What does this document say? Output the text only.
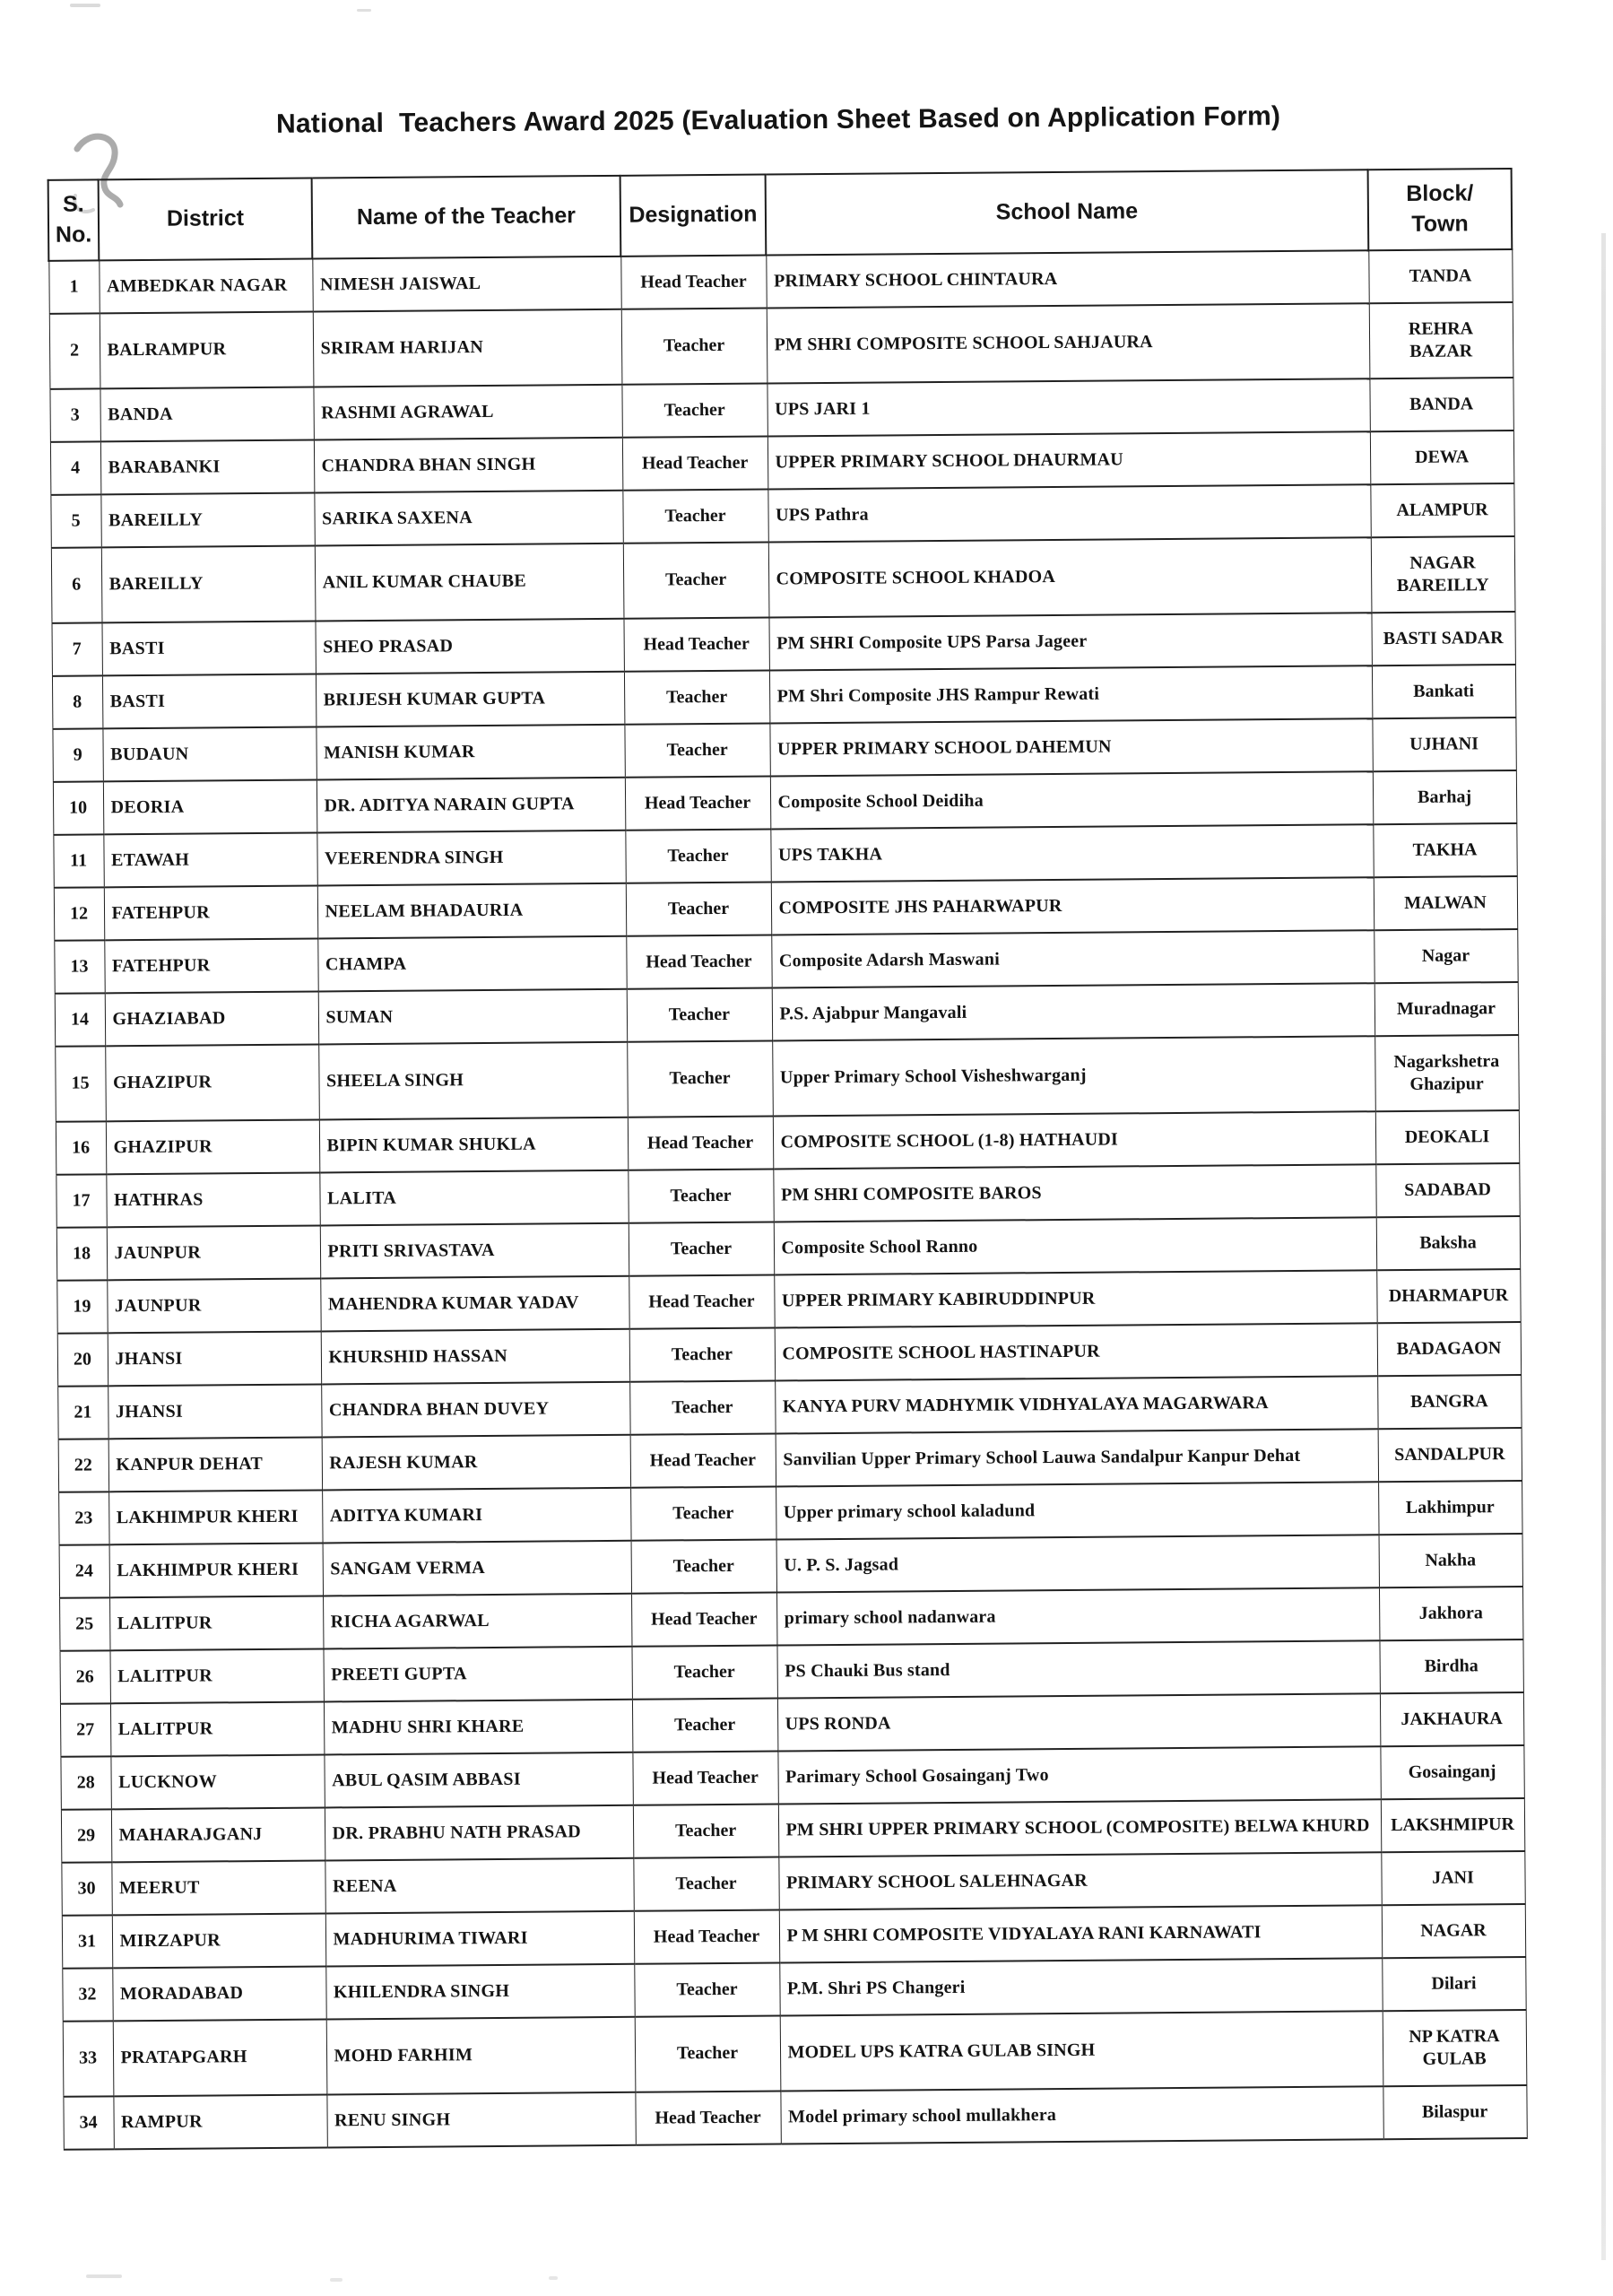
National  Teachers Award 2025 (Evaluation Sheet Based on Application Form)
S.
No.	District	Name of the Teacher	Designation	School Name	Block/
Town
1	AMBEDKAR NAGAR	NIMESH JAISWAL	Head Teacher	PRIMARY SCHOOL CHINTAURA	TANDA
2	BALRAMPUR	SRIRAM HARIJAN	Teacher	PM SHRI COMPOSITE SCHOOL SAHJAURA	REHRA BAZAR
3	BANDA	RASHMI AGRAWAL	Teacher	UPS JARI 1	BANDA
4	BARABANKI	CHANDRA BHAN SINGH	Head Teacher	UPPER PRIMARY SCHOOL DHAURMAU	DEWA
5	BAREILLY	SARIKA SAXENA	Teacher	UPS Pathra	ALAMPUR
6	BAREILLY	ANIL KUMAR CHAUBE	Teacher	COMPOSITE SCHOOL KHADOA	NAGAR BAREILLY
7	BASTI	SHEO PRASAD	Head Teacher	PM SHRI Composite UPS Parsa Jageer	BASTI SADAR
8	BASTI	BRIJESH KUMAR GUPTA	Teacher	PM Shri Composite JHS Rampur Rewati	Bankati
9	BUDAUN	MANISH KUMAR	Teacher	UPPER PRIMARY SCHOOL DAHEMUN	UJHANI
10	DEORIA	DR. ADITYA NARAIN GUPTA	Head Teacher	Composite School Deidiha	Barhaj
11	ETAWAH	VEERENDRA SINGH	Teacher	UPS TAKHA	TAKHA
12	FATEHPUR	NEELAM BHADAURIA	Teacher	COMPOSITE JHS PAHARWAPUR	MALWAN
13	FATEHPUR	CHAMPA	Head Teacher	Composite Adarsh Maswani	Nagar
14	GHAZIABAD	SUMAN	Teacher	P.S. Ajabpur Mangavali	Muradnagar
15	GHAZIPUR	SHEELA SINGH	Teacher	Upper Primary School Visheshwarganj	Nagarkshetra Ghazipur
16	GHAZIPUR	BIPIN KUMAR SHUKLA	Head Teacher	COMPOSITE SCHOOL (1-8) HATHAUDI	DEOKALI
17	HATHRAS	LALITA	Teacher	PM SHRI COMPOSITE BAROS	SADABAD
18	JAUNPUR	PRITI SRIVASTAVA	Teacher	Composite School Ranno	Baksha
19	JAUNPUR	MAHENDRA KUMAR YADAV	Head Teacher	UPPER PRIMARY KABIRUDDINPUR	DHARMAPUR
20	JHANSI	KHURSHID HASSAN	Teacher	COMPOSITE SCHOOL HASTINAPUR	BADAGAON
21	JHANSI	CHANDRA BHAN DUVEY	Teacher	KANYA PURV MADHYMIK VIDHYALAYA MAGARWARA	BANGRA
22	KANPUR DEHAT	RAJESH KUMAR	Head Teacher	Sanvilian Upper Primary School Lauwa Sandalpur Kanpur Dehat	SANDALPUR
23	LAKHIMPUR KHERI	ADITYA KUMARI	Teacher	Upper primary school kaladund	Lakhimpur
24	LAKHIMPUR KHERI	SANGAM VERMA	Teacher	U. P. S. Jagsad	Nakha
25	LALITPUR	RICHA AGARWAL	Head Teacher	primary school nadanwara	Jakhora
26	LALITPUR	PREETI GUPTA	Teacher	PS Chauki Bus stand	Birdha
27	LALITPUR	MADHU SHRI KHARE	Teacher	UPS RONDA	JAKHAURA
28	LUCKNOW	ABUL QASIM ABBASI	Head Teacher	Parimary School Gosainganj Two	Gosainganj
29	MAHARAJGANJ	DR. PRABHU NATH PRASAD	Teacher	PM SHRI UPPER PRIMARY SCHOOL (COMPOSITE) BELWA KHURD	LAKSHMIPUR
30	MEERUT	REENA	Teacher	PRIMARY SCHOOL SALEHNAGAR	JANI
31	MIRZAPUR	MADHURIMA TIWARI	Head Teacher	P M SHRI COMPOSITE VIDYALAYA RANI KARNAWATI	NAGAR
32	MORADABAD	KHILENDRA SINGH	Teacher	P.M. Shri PS Changeri	Dilari
33	PRATAPGARH	MOHD FARHIM	Teacher	MODEL UPS KATRA GULAB SINGH	NP KATRA GULAB
34	RAMPUR	RENU SINGH	Head Teacher	Model primary school mullakhera	Bilaspur
